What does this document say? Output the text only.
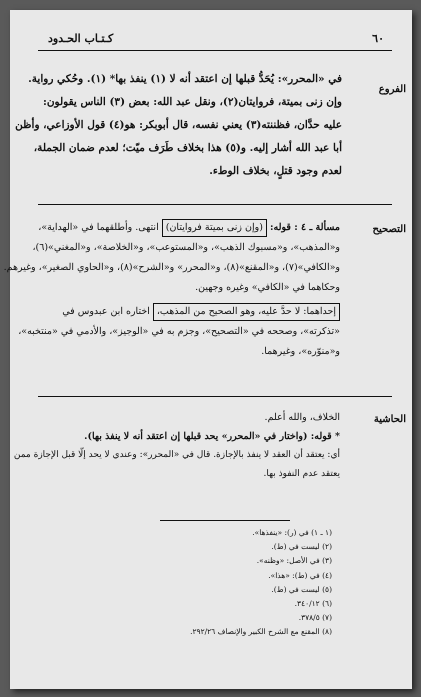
٦٠
كـتـاب الحـدود
الفروع
في «المحرر»: يُحَدُّ قبلها إن اعتقد أنه لا (١) ينفذ بها* (١). وحُكي رواية.
وإن زنى بميتة، فروايتان(٢)، ونقل عبد الله: بعض (٣) الناس يقولون:
عليه حدَّان، فظننته(٣) يعني نفسه، قال أبوبكر: هو(٤) قول الأوزاعي، وأظن
أبا عبد الله أشار إليه. و(٥) هذا بخلاف طَرَف ميّت؛ لعدم ضمان الجملة،
لعدم وجود قتلٍ، بخلاف الوطء.
التصحيح
مسألة ـ ٤ : قوله: (وإن زنى بميتة فروايتان) انتهى. وأطلقهما في «الهداية»،
و«المذهب»، و«مسبوك الذهب»، و«المستوعب»، و«الخلاصة»، و«المغني»(٦)،
و«الكافي»(٧)، و«المقنع»(٨)، و«المحرر» و«الشرح»(٨)، و«الحاوي الصغير»، وغيرهم.
وحكاهما في «الكافي» وغيره وجهين.
إحداهما: لا حدَّ عليه، وهو الصحيح من المذهب، اختاره ابن عبدوس في
«تذكرته»، وصححه في «التصحيح»، وجزم به في «الوجيز»، والأدمي في «منتخبه»،
و«منوّره»، وغيرهما.
الحاشية
الخلاف، والله أعلم.
* قوله: (واختار في «المحرر» يحد قبلها إن اعتقد أنه لا ينفذ بها).
أي: يعتقد أن العقد لا ينفذ بالإجازة. قال في «المحرر»: وعندي لا يحد إلّا قبل الإجازة ممن
يعتقد عدم النفوذ بها.
(١ ـ ١) في (ر): «ينفذها».
(٢) ليست في (ط).
(٣) في الأصل: «وظنه».
(٤) في (ط): «هذا».
(٥) ليست في (ط).
(٦) ٣٤٠/١٢.
(٧) ٣٧٨/٥.
(٨) المقنع مع الشرح الكبير والإنصاف ٢٩٢/٢٦.
